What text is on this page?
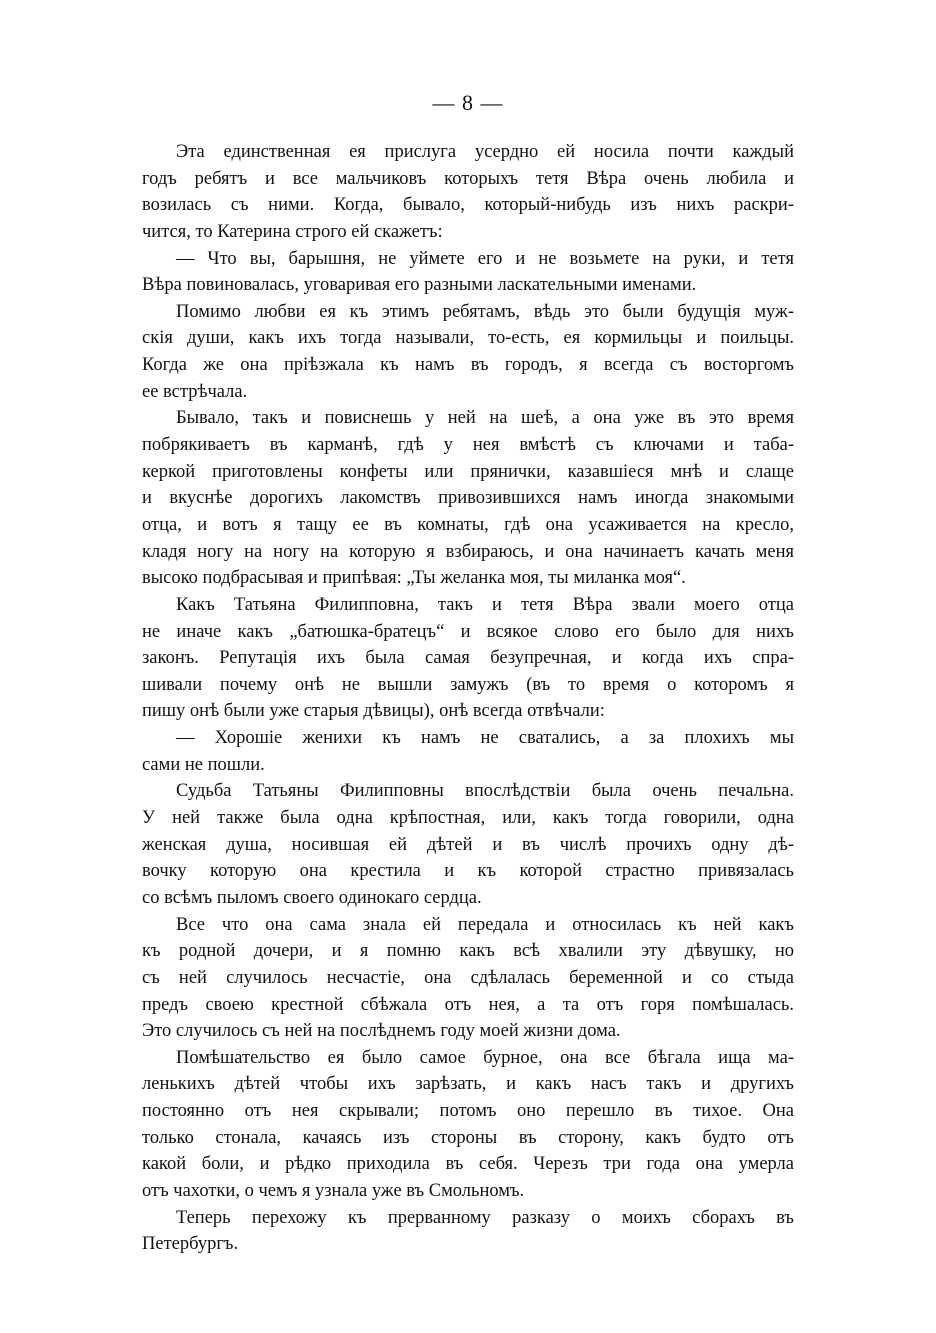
— 8 —
Эта единственная ея прислуга усердно ей носила почти каждый
годъ ребятъ и все мальчиковъ которыхъ тетя Вѣра очень любила и
возилась съ ними. Когда, бывало, который-нибудь изъ нихъ раскри-
чится, то Катерина строго ей скажетъ:
— Что вы, барышня, не уймете его и не возьмете на руки, и тетя
Вѣра повиновалась, уговаривая его разными ласкательными именами.
Помимо любви ея къ этимъ ребятамъ, вѣдь это были будущія муж-
скія души, какъ ихъ тогда называли, то-есть, ея кормильцы и поильцы.
Когда же она пріѣзжала къ намъ въ городъ, я всегда съ восторгомъ
ее встрѣчала.
Бывало, такъ и повиснешь у ней на шеѣ, а она уже въ это время
побрякиваетъ въ карманѣ, гдѣ у нея вмѣстѣ съ ключами и таба-
керкой приготовлены конфеты или прянички, казавшіеся мнѣ и слаще
и вкуснѣе дорогихъ лакомствъ привозившихся намъ иногда знакомыми
отца, и вотъ я тащу ее въ комнаты, гдѣ она усаживается на кресло,
кладя ногу на ногу на которую я взбираюсь, и она начинаетъ качать меня
высоко подбрасывая и припѣвая: „Ты желанка моя, ты миланка моя“.
Какъ Татьяна Филипповна, такъ и тетя Вѣра звали моего отца
не иначе какъ „батюшка-братецъ“ и всякое слово его было для нихъ
законъ. Репутація ихъ была самая безупречная, и когда ихъ спра-
шивали почему онѣ не вышли замужъ (въ то время о которомъ я
пишу онѣ были уже старыя дѣвицы), онѣ всегда отвѣчали:
— Хорошіе женихи къ намъ не сватались, а за плохихъ мы
сами не пошли.
Судьба Татьяны Филипповны впослѣдствіи была очень печальна.
У ней также была одна крѣпостная, или, какъ тогда говорили, одна
женская душа, носившая ей дѣтей и въ числѣ прочихъ одну дѣ-
вочку которую она крестила и къ которой страстно привязалась
со всѣмъ пыломъ своего одинокаго сердца.
Все что она сама знала ей передала и относилась къ ней какъ
къ родной дочери, и я помню какъ всѣ хвалили эту дѣвушку, но
съ ней случилось несчастіе, она сдѣлалась беременной и со стыда
предъ своею крестной сбѣжала отъ нея, а та отъ горя помѣшалась.
Это случилось съ ней на послѣднемъ году моей жизни дома.
Помѣшательство ея было самое бурное, она все бѣгала ища ма-
ленькихъ дѣтей чтобы ихъ зарѣзать, и какъ насъ такъ и другихъ
постоянно отъ нея скрывали; потомъ оно перешло въ тихое. Она
только стонала, качаясь изъ стороны въ сторону, какъ будто отъ
какой боли, и рѣдко приходила въ себя. Черезъ три года она умерла
отъ чахотки, о чемъ я узнала уже въ Смольномъ.
Теперь перехожу къ прерванному разказу о моихъ сборахъ въ
Петербургъ.
